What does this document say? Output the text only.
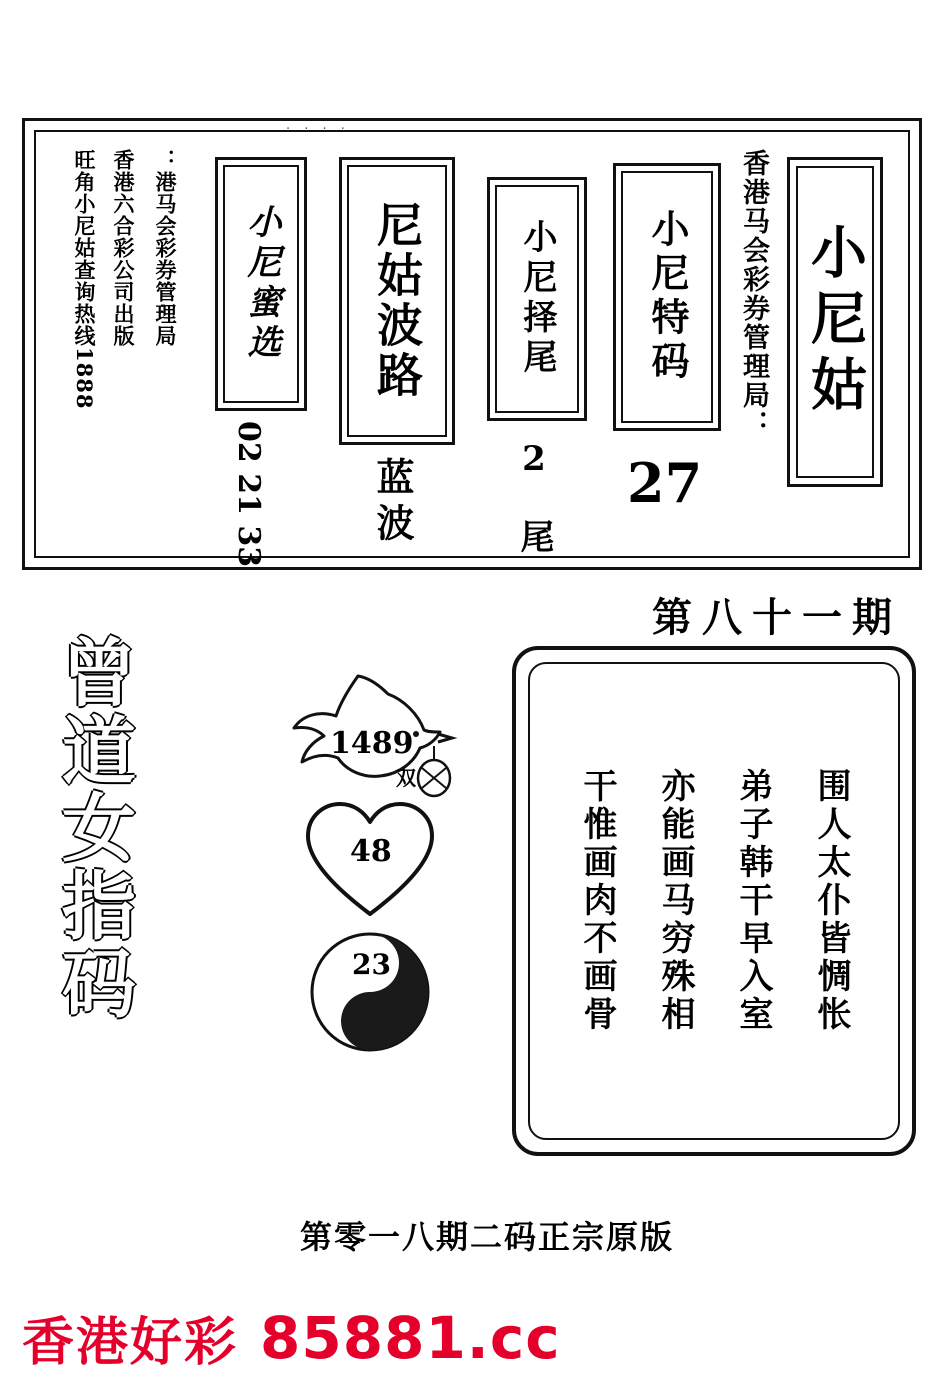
· · · ·
小尼姑
香港马会彩券管理局：
小尼特码
27
小尼择尾
2 尾
尼姑波路
蓝波
小尼蜜选
02 21 33
：港马会彩券管理局
香港六合彩公司出版
旺角小尼姑查询热线1888
第八十一期
曾
道
女
指
码
1489
双
48
23	围人太仆皆惆怅
弟子韩干早入室
亦能画马穷殊相
干惟画肉不画骨
第零一八期二码正宗原版
香港好彩 85881.cc
